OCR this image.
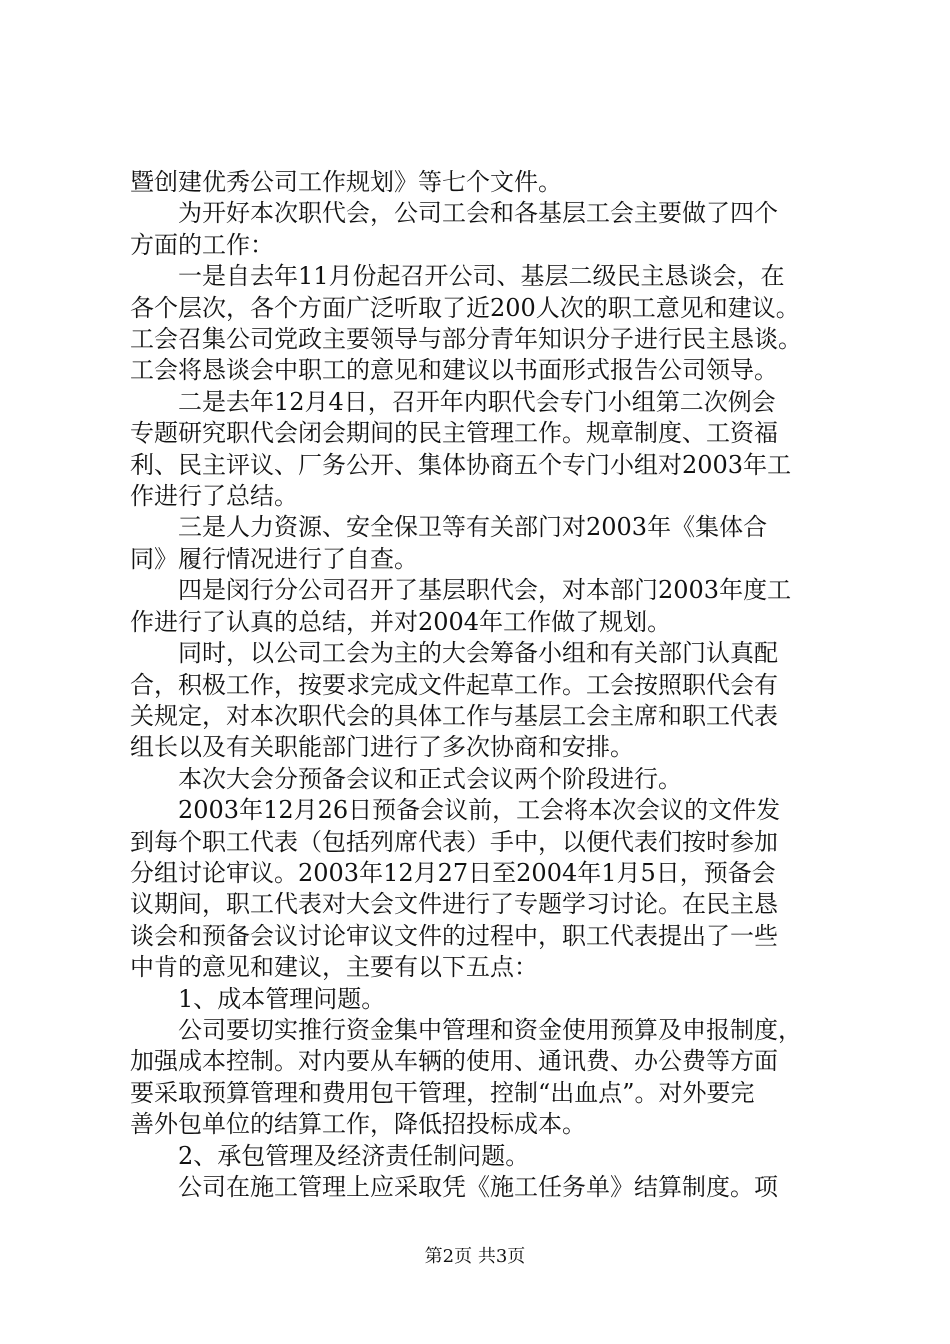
暨创建优秀公司工作规划》等七个文件。
　　为开好本次职代会，公司工会和各基层工会主要做了四个
方面的工作：
　　一是自去年11月份起召开公司、基层二级民主恳谈会，在
各个层次，各个方面广泛听取了近200人次的职工意见和建议。
工会召集公司党政主要领导与部分青年知识分子进行民主恳谈。
工会将恳谈会中职工的意见和建议以书面形式报告公司领导。
　　二是去年12月4日，召开年内职代会专门小组第二次例会
专题研究职代会闭会期间的民主管理工作。规章制度、工资福
利、民主评议、厂务公开、集体协商五个专门小组对2003年工
作进行了总结。
　　三是人力资源、安全保卫等有关部门对2003年《集体合
同》履行情况进行了自查。
　　四是闵行分公司召开了基层职代会，对本部门2003年度工
作进行了认真的总结，并对2004年工作做了规划。
　　同时，以公司工会为主的大会筹备小组和有关部门认真配
合，积极工作，按要求完成文件起草工作。工会按照职代会有
关规定，对本次职代会的具体工作与基层工会主席和职工代表
组长以及有关职能部门进行了多次协商和安排。
　　本次大会分预备会议和正式会议两个阶段进行。
　　2003年12月26日预备会议前，工会将本次会议的文件发
到每个职工代表（包括列席代表）手中，以便代表们按时参加
分组讨论审议。2003年12月27日至2004年1月5日，预备会
议期间，职工代表对大会文件进行了专题学习讨论。在民主恳
谈会和预备会议讨论审议文件的过程中，职工代表提出了一些
中肯的意见和建议，主要有以下五点：
　　1、成本管理问题。
　　公司要切实推行资金集中管理和资金使用预算及申报制度，
加强成本控制。对内要从车辆的使用、通讯费、办公费等方面
要采取预算管理和费用包干管理，控制“出血点”。对外要完
善外包单位的结算工作，降低招投标成本。
　　2、承包管理及经济责任制问题。
　　公司在施工管理上应采取凭《施工任务单》结算制度。项
第2页 共3页
